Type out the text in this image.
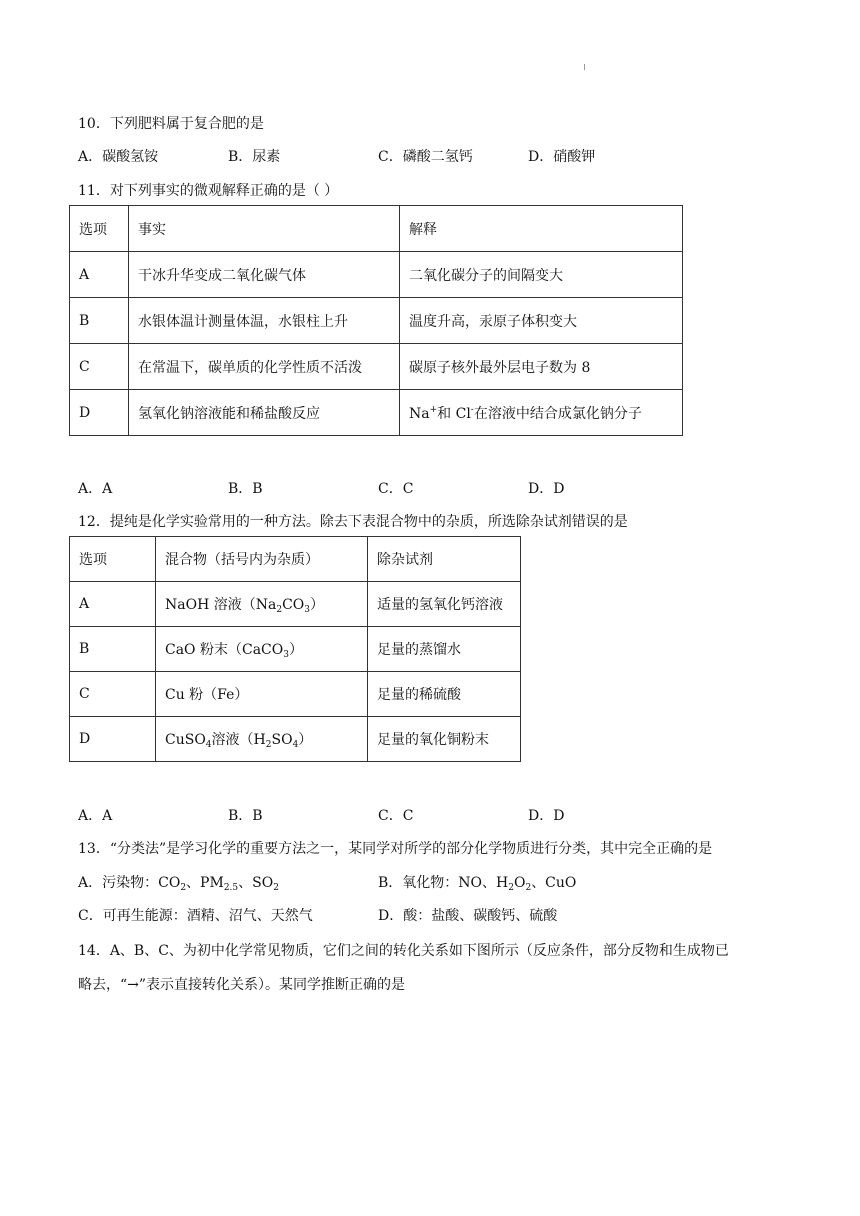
10．下列肥料属于复合肥的是
A．碳酸氢铵	B．尿素	C．磷酸二氢钙	D．硝酸钾
11．对下列事实的微观解释正确的是（ ）
选项	事实	解释
A	干冰升华变成二氧化碳气体	二氧化碳分子的间隔变大
B	水银体温计测量体温，水银柱上升	温度升高，汞原子体积变大
C	在常温下，碳单质的化学性质不活泼	碳原子核外最外层电子数为 8
D	氢氧化钠溶液能和稀盐酸反应	Na+和 Cl-在溶液中结合成氯化钠分子
A．A	B．B	C．C	D．D
12．提纯是化学实验常用的一种方法。除去下表混合物中的杂质，所选除杂试剂错误的是
选项	混合物（括号内为杂质）	除杂试剂
A	NaOH 溶液$(Na_2CO_3)$	适量的氢氧化钙溶液
B	CaO 粉末（CaCO$_3$）	足量的蒸馏水
C	Cu 粉（Fe）	足量的稀硫酸
D	CuSO$_4$溶液$(H_2SO_4)$	足量的氧化铜粉末
A．A	B．B	C．C	D．D
13．“分类法”是学习化学的重要方法之一，某同学对所学的部分化学物质进行分类，其中完全正确的是
A．污染物：$CO_2$、$PM_{2.5}$、$SO_2$	B．氧化物：NO、$H_2O_2$、CuO
C．可再生能源：酒精、沼气、天然气	D．酸：盐酸、碳酸钙、硫酸
14．A、B、C、为初中化学常见物质，它们之间的转化关系如下图所示（反应条件，部分反物和生成物已
略去，“→”表示直接转化关系）。某同学推断正确的是
